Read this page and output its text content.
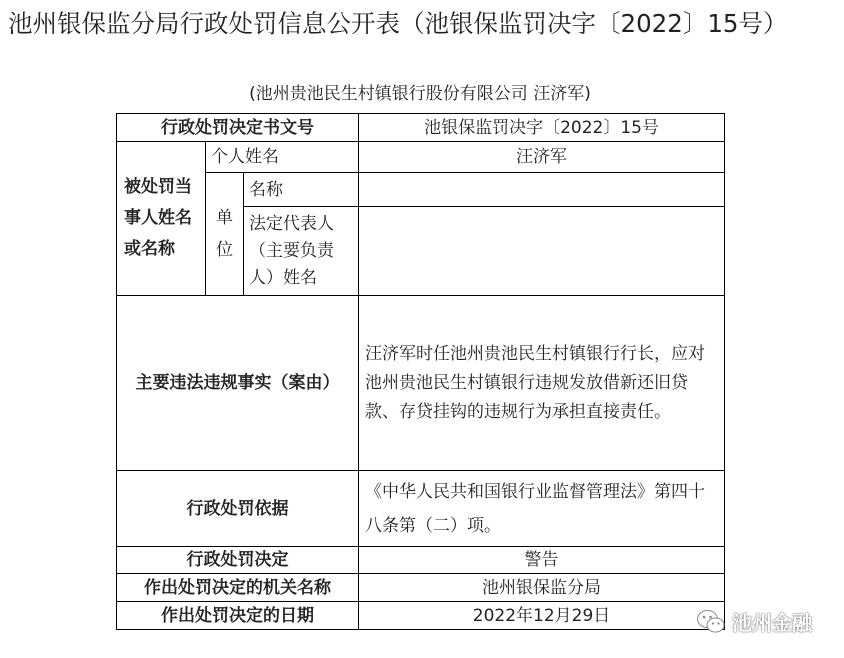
池州银保监分局行政处罚信息公开表（池银保监罚决字〔2022〕15号）
(池州贵池民生村镇银行股份有限公司 汪济军)
行政处罚决定书文号			池银保监罚决字〔2022〕15号
被处罚当事人姓名或名称	个人姓名		汪济军
	单位	名称	
		法定代表人（主要负责人）姓名	
主要违法违规事实（案由）			汪济军时任池州贵池民生村镇银行行长，应对池州贵池民生村镇银行违规发放借新还旧贷款、存贷挂钩的违规行为承担直接责任。
行政处罚依据			《中华人民共和国银行业监督管理法》第四十八条第（二）项。
行政处罚决定			警告
作出处罚决定的机关名称			池州银保监分局
作出处罚决定的日期			2022年12月29日	池州金融
